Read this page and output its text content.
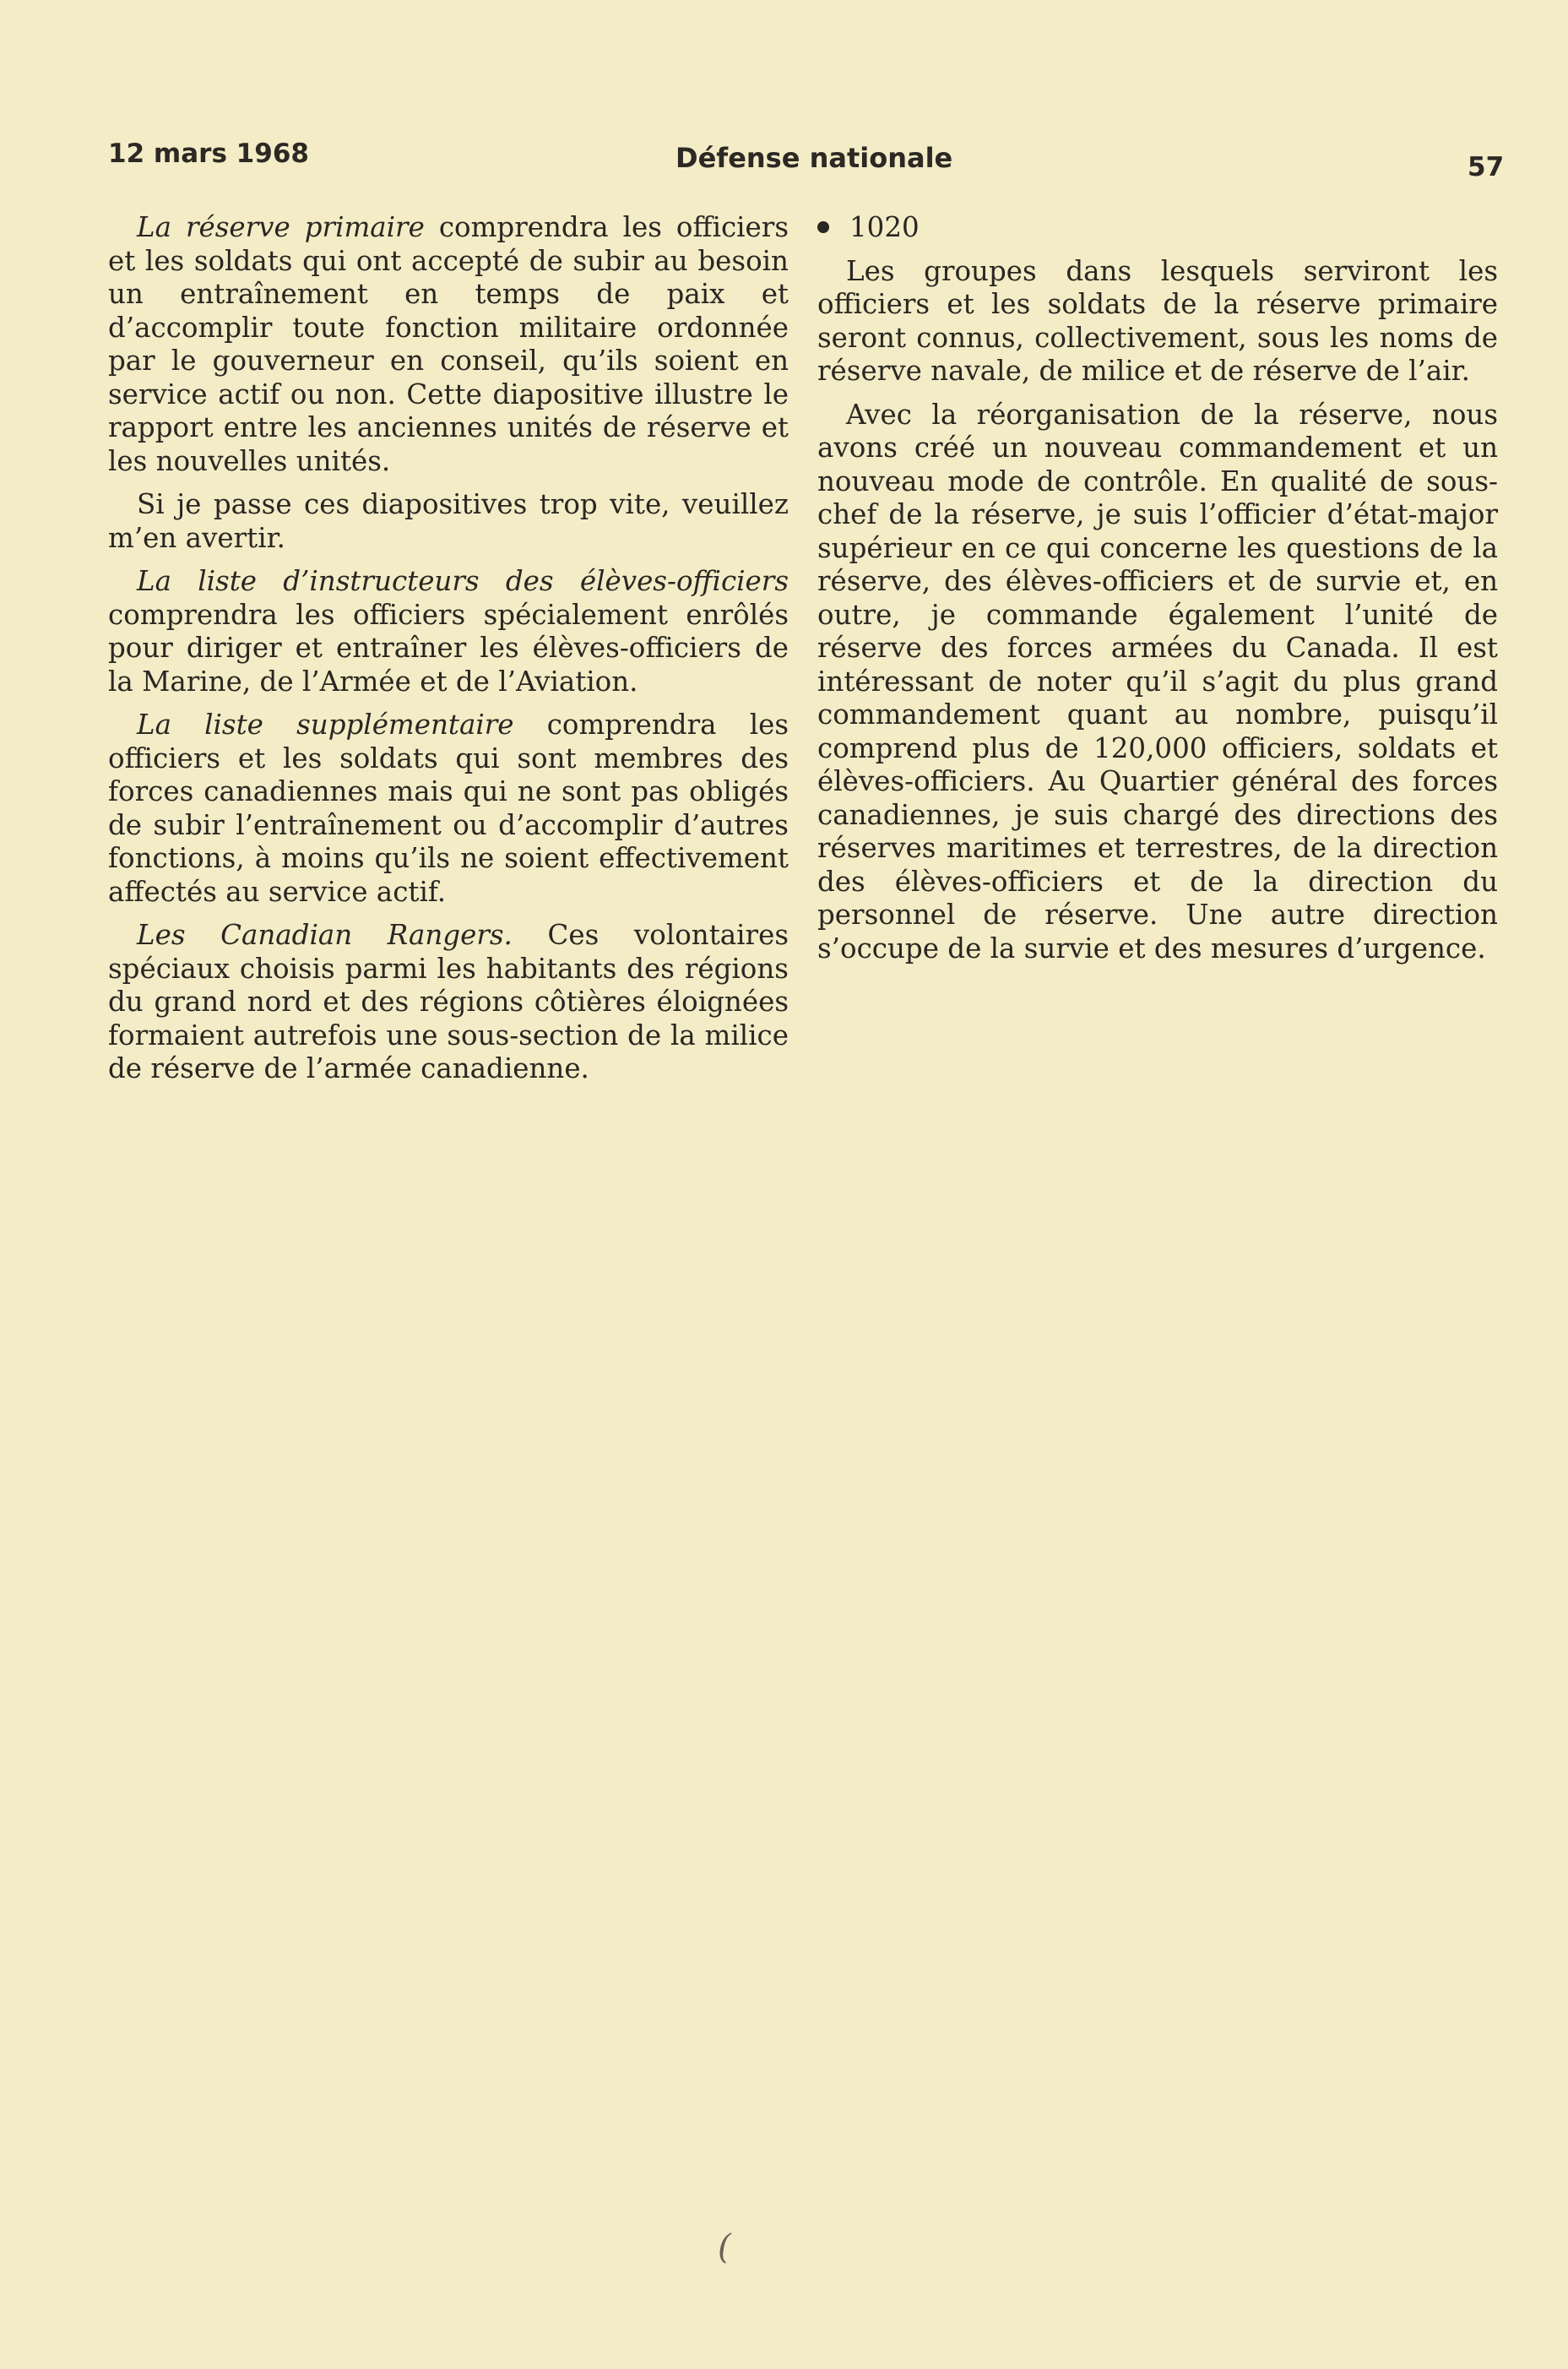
12 mars 1968	Défense nationale	57

La réserve primaire comprendra les officiers et les soldats qui ont accepté de subir au besoin un entraînement en temps de paix et d’accomplir toute fonction militaire ordonnée par le gouverneur en conseil, qu’ils soient en service actif ou non. Cette diapositive illustre le rapport entre les anciennes unités de réserve et les nouvelles unités.

Si je passe ces diapositives trop vite, veuillez m’en avertir.

La liste d’instructeurs des élèves-officiers comprendra les officiers spécialement enrôlés pour diriger et entraîner les élèves-officiers de la Marine, de l’Armée et de l’Aviation.

La liste supplémentaire comprendra les officiers et les soldats qui sont membres des forces canadiennes mais qui ne sont pas obligés de subir l’entraînement ou d’accomplir d’autres fonctions, à moins qu’ils ne soient effectivement affectés au service actif.

Les Canadian Rangers. Ces volontaires spéciaux choisis parmi les habitants des régions du grand nord et des régions côtières éloignées formaient autrefois une sous-section de la milice de réserve de l’armée canadienne.

1020

Les groupes dans lesquels serviront les officiers et les soldats de la réserve primaire seront connus, collectivement, sous les noms de réserve navale, de milice et de réserve de l’air.

Avec la réorganisation de la réserve, nous avons créé un nouveau commandement et un nouveau mode de contrôle. En qualité de sous-chef de la réserve, je suis l’officier d’état-major supérieur en ce qui concerne les questions de la réserve, des élèves-officiers et de survie et, en outre, je commande également l’unité de réserve des forces armées du Canada. Il est intéressant de noter qu’il s’agit du plus grand commandement quant au nombre, puisqu’il comprend plus de 120,000 officiers, soldats et élèves-officiers. Au Quartier général des forces canadiennes, je suis chargé des directions des réserves maritimes et terrestres, de la direction des élèves-officiers et de la direction du personnel de réserve. Une autre direction s’occupe de la survie et des mesures d’urgence.

(
